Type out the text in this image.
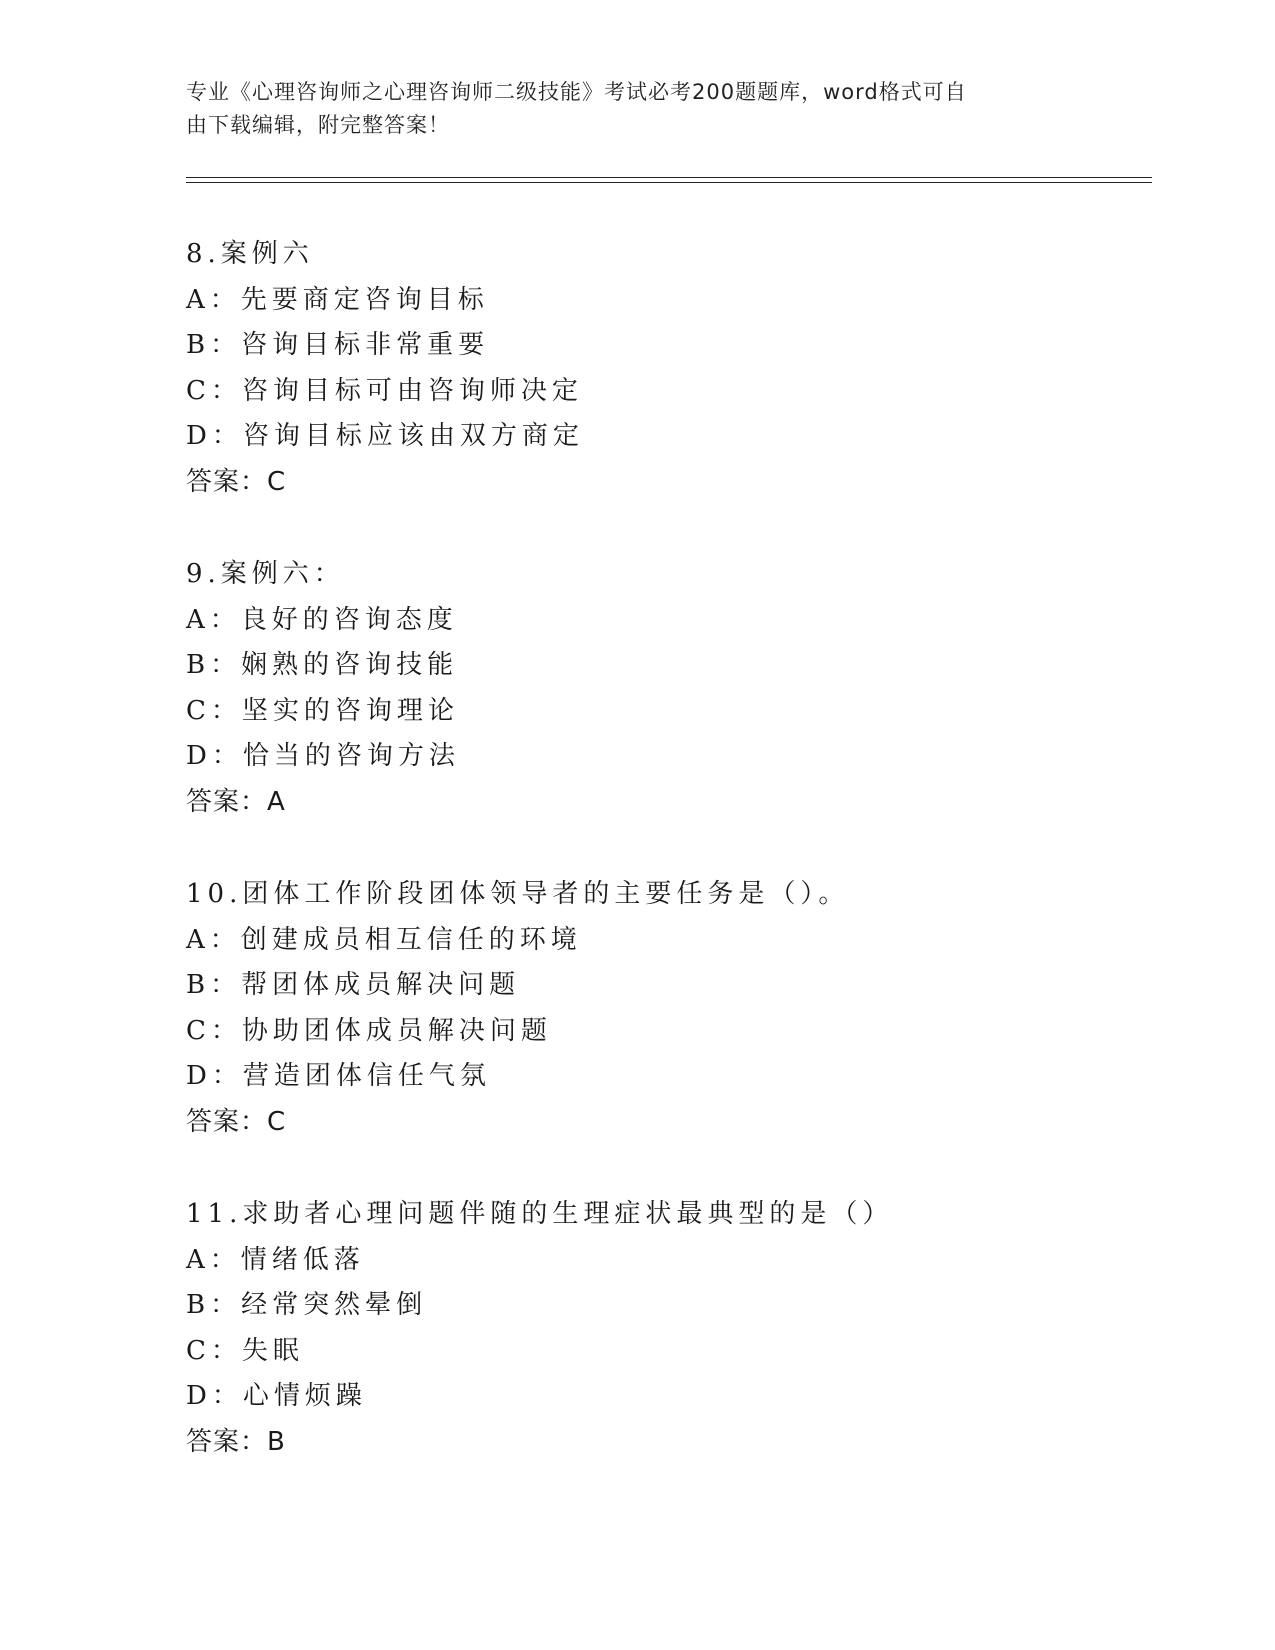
专业《心理咨询师之心理咨询师二级技能》考试必考200题题库，word格式可自
由下载编辑，附完整答案！
8.案例六
A：先要商定咨询目标
B：咨询目标非常重要
C：咨询目标可由咨询师决定
D：咨询目标应该由双方商定
答案：C
9.案例六：
A：良好的咨询态度
B：娴熟的咨询技能
C：坚实的咨询理论
D：恰当的咨询方法
答案：A
10.团体工作阶段团体领导者的主要任务是（）。
A：创建成员相互信任的环境
B：帮团体成员解决问题
C：协助团体成员解决问题
D：营造团体信任气氛
答案：C
11.求助者心理问题伴随的生理症状最典型的是（）
A：情绪低落
B：经常突然晕倒
C：失眠
D：心情烦躁
答案：B
